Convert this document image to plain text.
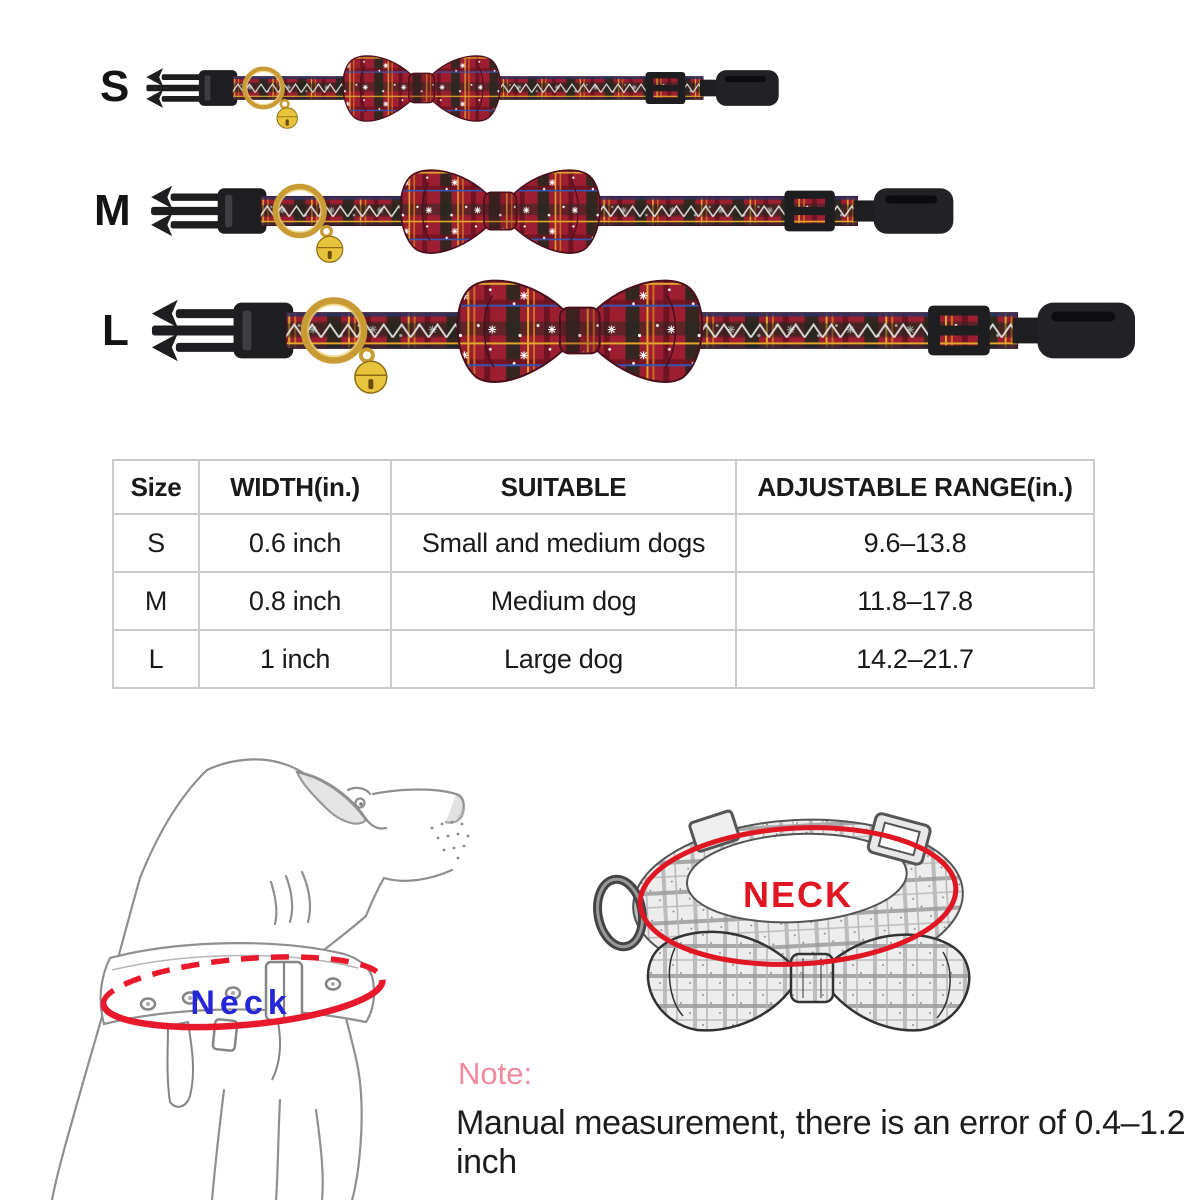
S
M
L
Size	WIDTH(in.)	SUITABLE	ADJUSTABLE RANGE(in.)
S	0.6 inch	Small and medium dogs	9.6–13.8
M	0.8 inch	Medium dog	11.8–17.8
L	1 inch	Large dog	14.2–21.7
Neck
NECK
Note:
Manual measurement, there is an error of 0.4–1.2 inch
